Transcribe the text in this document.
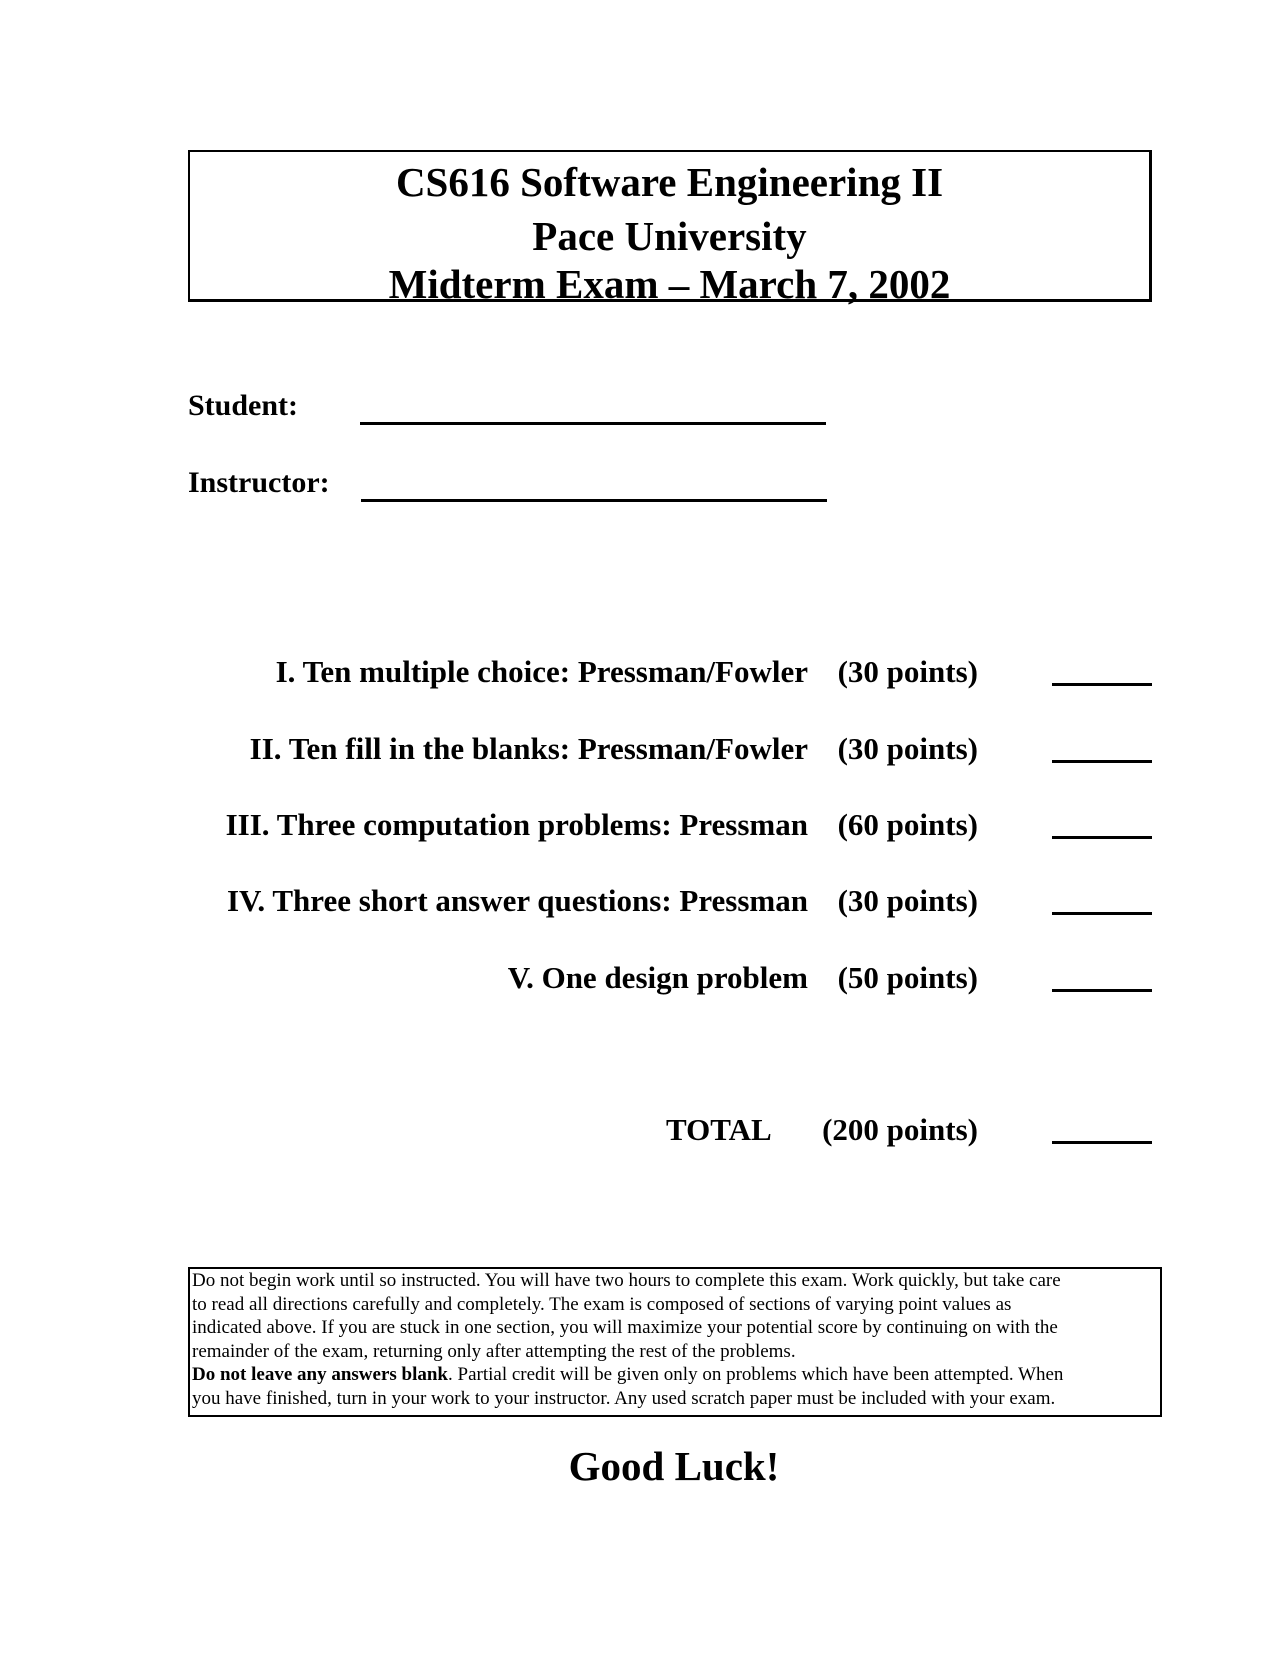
CS616 Software Engineering II
Pace University
Midterm Exam – March 7, 2002
Student:
Instructor:
I. Ten multiple choice: Pressman/Fowler (30 points)
II. Ten fill in the blanks: Pressman/Fowler (30 points)
III. Three computation problems: Pressman (60 points)
IV. Three short answer questions: Pressman (30 points)
V. One design problem (50 points)
TOTAL (200 points)
Do not begin work until so instructed. You will have two hours to complete this exam. Work quickly, but take care
to read all directions carefully and completely. The exam is composed of sections of varying point values as
indicated above. If you are stuck in one section, you will maximize your potential score by continuing on with the
remainder of the exam, returning only after attempting the rest of the problems.
Do not leave any answers blank. Partial credit will be given only on problems which have been attempted. When
you have finished, turn in your work to your instructor. Any used scratch paper must be included with your exam.
Good Luck!
